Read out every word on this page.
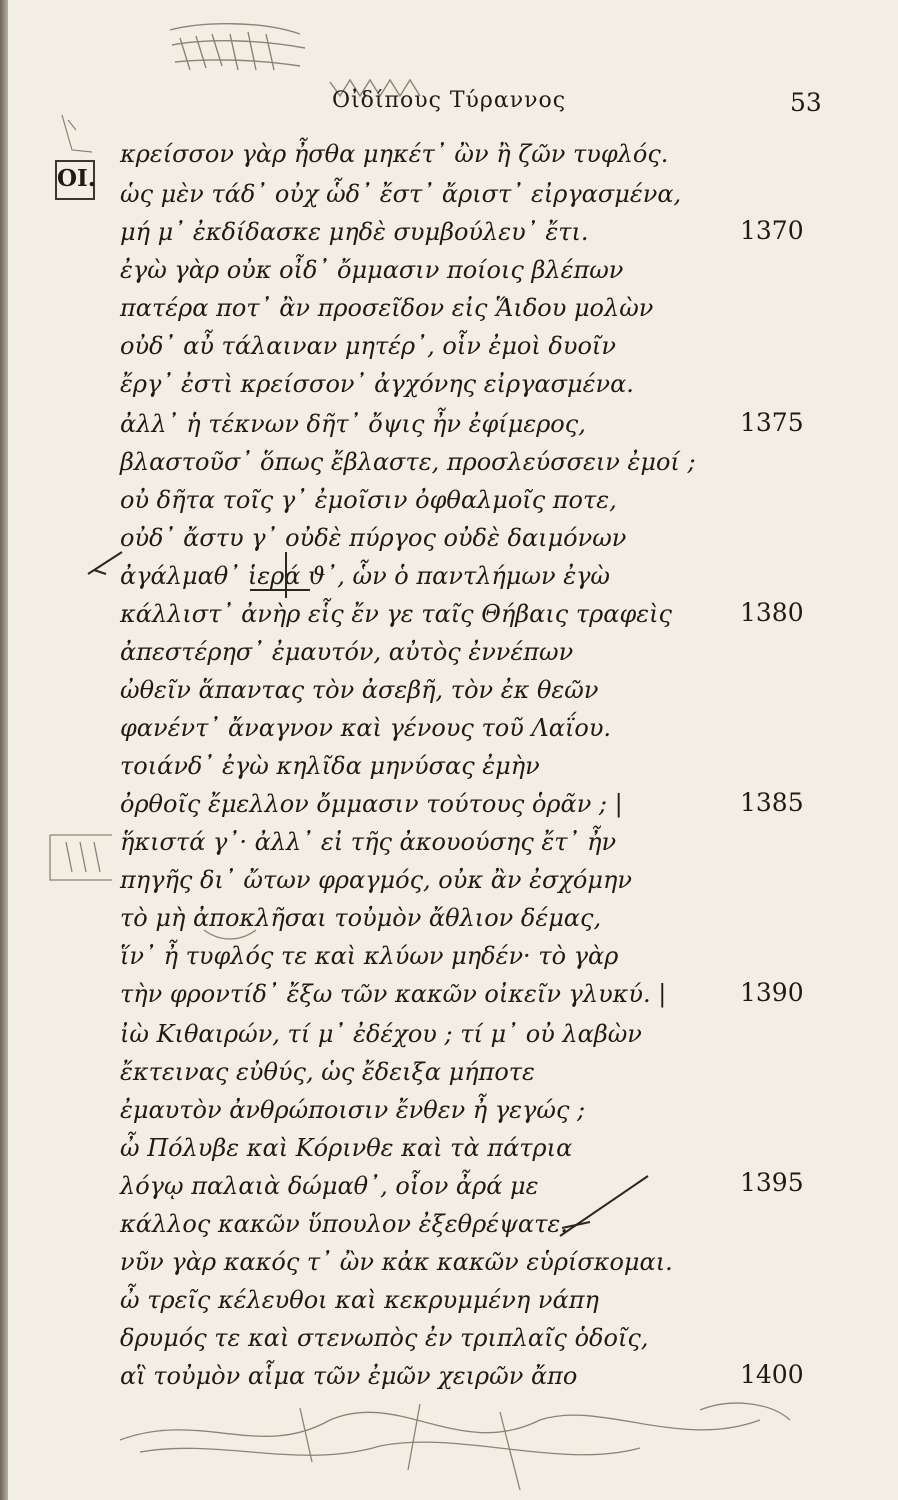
Οἰδίπους Τύραννος	53
ΟΙ.
κρείσσον γὰρ ἦσθα μηκέτ᾽ ὢν ἢ ζῶν τυφλός.
ὡς μὲν τάδ᾽ οὐχ ὧδ᾽ ἔστ᾽ ἄριστ᾽ εἰργασμένα,
μή μ᾽ ἐκδίδασκε μηδὲ συμβούλευ᾽ ἔτι.
ἐγὼ γὰρ οὐκ οἶδ᾽ ὄμμασιν ποίοις βλέπων
πατέρα ποτ᾽ ἂν προσεῖδον εἰς Ἅιδου μολὼν
οὐδ᾽ αὖ τάλαιναν μητέρ᾽, οἷν ἐμοὶ δυοῖν
ἔργ᾽ ἐστὶ κρείσσον᾽ ἀγχόνης εἰργασμένα.
ἀλλ᾽ ἡ τέκνων δῆτ᾽ ὄψις ἦν ἐφίμερος,
βλαστοῦσ᾽ ὅπως ἔβλαστε, προσλεύσσειν ἐμοί ;
οὐ δῆτα τοῖς γ᾽ ἐμοῖσιν ὀφθαλμοῖς ποτε,
οὐδ᾽ ἄστυ γ᾽ οὐδὲ πύργος οὐδὲ δαιμόνων
ἀγάλμαθ᾽ ἱερά ϑ᾽, ὧν ὁ παντλήμων ἐγὼ
κάλλιστ᾽ ἀνὴρ εἷς ἔν γε ταῖς Θήβαις τραφεὶς
ἀπεστέρησ᾽ ἐμαυτόν, αὐτὸς ἐννέπων
ὠθεῖν ἅπαντας τὸν ἀσεβῆ, τὸν ἐκ θεῶν
φανέντ᾽ ἄναγνον καὶ γένους τοῦ Λαΐου.
τοιάνδ᾽ ἐγὼ κηλῖδα μηνύσας ἐμὴν
ὀρθοῖς ἔμελλον ὄμμασιν τούτους ὁρᾶν ; |
ἥκιστά γ᾽· ἀλλ᾽ εἰ τῆς ἀκουούσης ἔτ᾽ ἦν
πηγῆς δι᾽ ὤτων φραγμός, οὐκ ἂν ἐσχόμην
τὸ μὴ ἀποκλῆσαι τοὐμὸν ἄθλιον δέμας,
ἵν᾽ ἦ τυφλός τε καὶ κλύων μηδέν· τὸ γὰρ
τὴν φροντίδ᾽ ἔξω τῶν κακῶν οἰκεῖν γλυκύ. |
ἰὼ Κιθαιρών, τί μ᾽ ἐδέχου ; τί μ᾽ οὐ λαβὼν
ἔκτεινας εὐθύς, ὡς ἔδειξα μήποτε
ἐμαυτὸν ἀνθρώποισιν ἔνθεν ἦ γεγώς ;
ὦ Πόλυβε καὶ Κόρινθε καὶ τὰ πάτρια
λόγῳ παλαιὰ δώμαθ᾽, οἷον ἆρά με
κάλλος κακῶν ὕπουλον ἐξεθρέψατε.
νῦν γὰρ κακός τ᾽ ὢν κἀκ κακῶν εὑρίσκομαι.
ὦ τρεῖς κέλευθοι καὶ κεκρυμμένη νάπη
δρυμός τε καὶ στενωπὸς ἐν τριπλαῖς ὁδοῖς,
αἳ τοὐμὸν αἷμα τῶν ἐμῶν χειρῶν ἄπο
1370
1375
1380
1385
1390
1395
1400
